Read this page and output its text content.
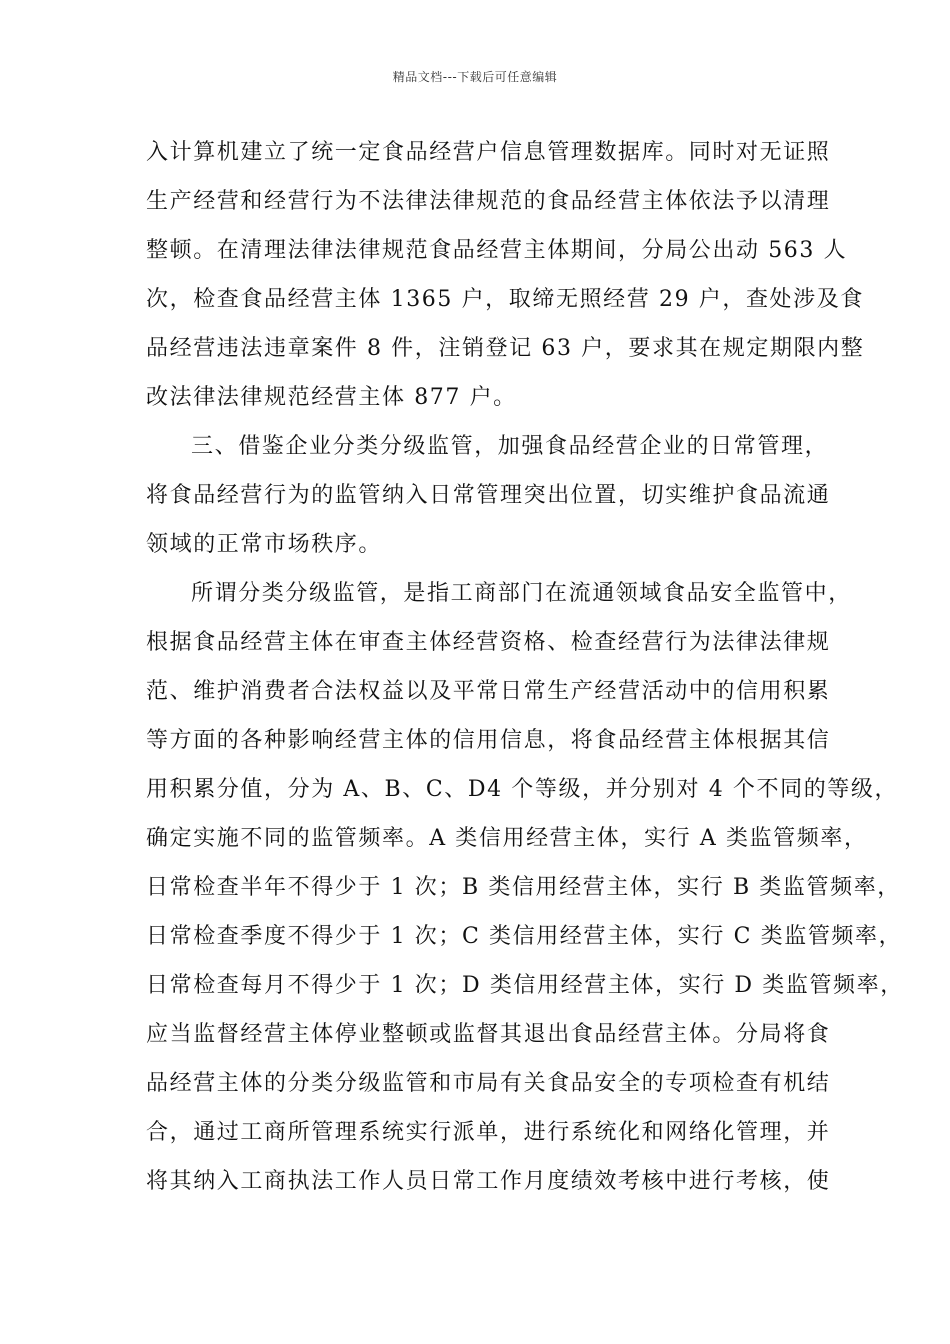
精品文档---下载后可任意编辑
入计算机建立了统一定食品经营户信息管理数据库。同时对无证照
生产经营和经营行为不法律法律规范的食品经营主体依法予以清理
整顿。在清理法律法律规范食品经营主体期间，分局公出动 563 人
次，检查食品经营主体 1365 户，取缔无照经营 29 户，查处涉及食
品经营违法违章案件 8 件，注销登记 63 户，要求其在规定期限内整
改法律法律规范经营主体 877 户。
三、借鉴企业分类分级监管，加强食品经营企业的日常管理，
将食品经营行为的监管纳入日常管理突出位置，切实维护食品流通
领域的正常市场秩序。
所谓分类分级监管，是指工商部门在流通领域食品安全监管中，
根据食品经营主体在审查主体经营资格、检查经营行为法律法律规
范、维护消费者合法权益以及平常日常生产经营活动中的信用积累
等方面的各种影响经营主体的信用信息，将食品经营主体根据其信
用积累分值，分为 A、B、C、D4 个等级，并分别对 4 个不同的等级，
确定实施不同的监管频率。A 类信用经营主体，实行 A 类监管频率，
日常检查半年不得少于 1 次；B 类信用经营主体，实行 B 类监管频率，
日常检查季度不得少于 1 次；C 类信用经营主体，实行 C 类监管频率，
日常检查每月不得少于 1 次；D 类信用经营主体，实行 D 类监管频率，
应当监督经营主体停业整顿或监督其退出食品经营主体。分局将食
品经营主体的分类分级监管和市局有关食品安全的专项检查有机结
合，通过工商所管理系统实行派单，进行系统化和网络化管理，并
将其纳入工商执法工作人员日常工作月度绩效考核中进行考核，使
